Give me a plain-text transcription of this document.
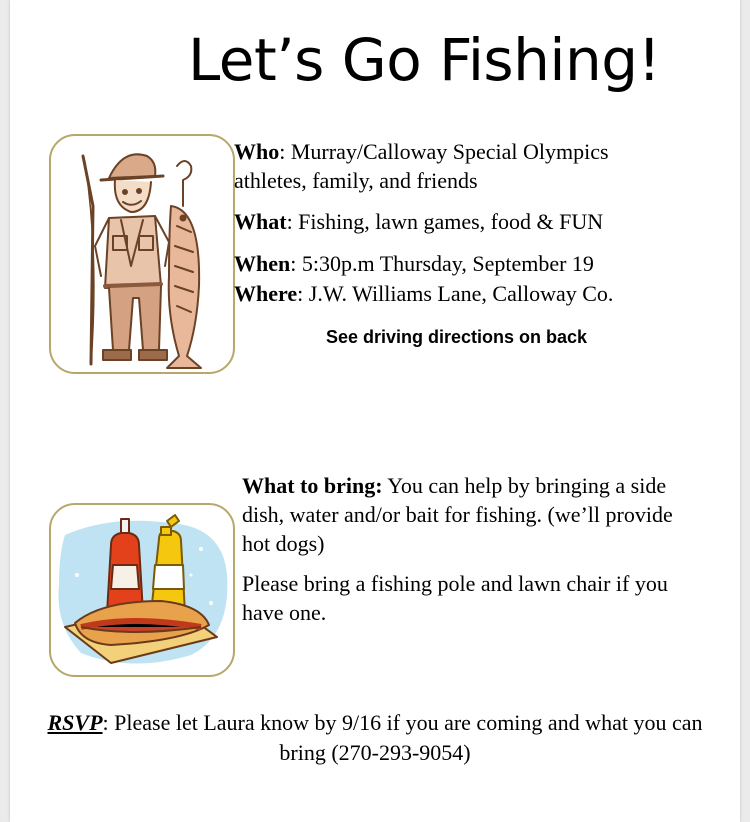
Let’s Go Fishing!
Who: Murray/Calloway Special Olympics athletes, family, and friends
What: Fishing, lawn games, food & FUN
When: 5:30p.m Thursday, September 19
Where: J.W. Williams Lane, Calloway Co.
See driving directions on back
What to bring: You can help by bringing a side dish, water and/or bait for fishing. (we’ll provide hot dogs)
Please bring a fishing pole and lawn chair if you have one.
RSVP: Please let Laura know by 9/16 if you are coming and what you can bring (270-293-9054)
